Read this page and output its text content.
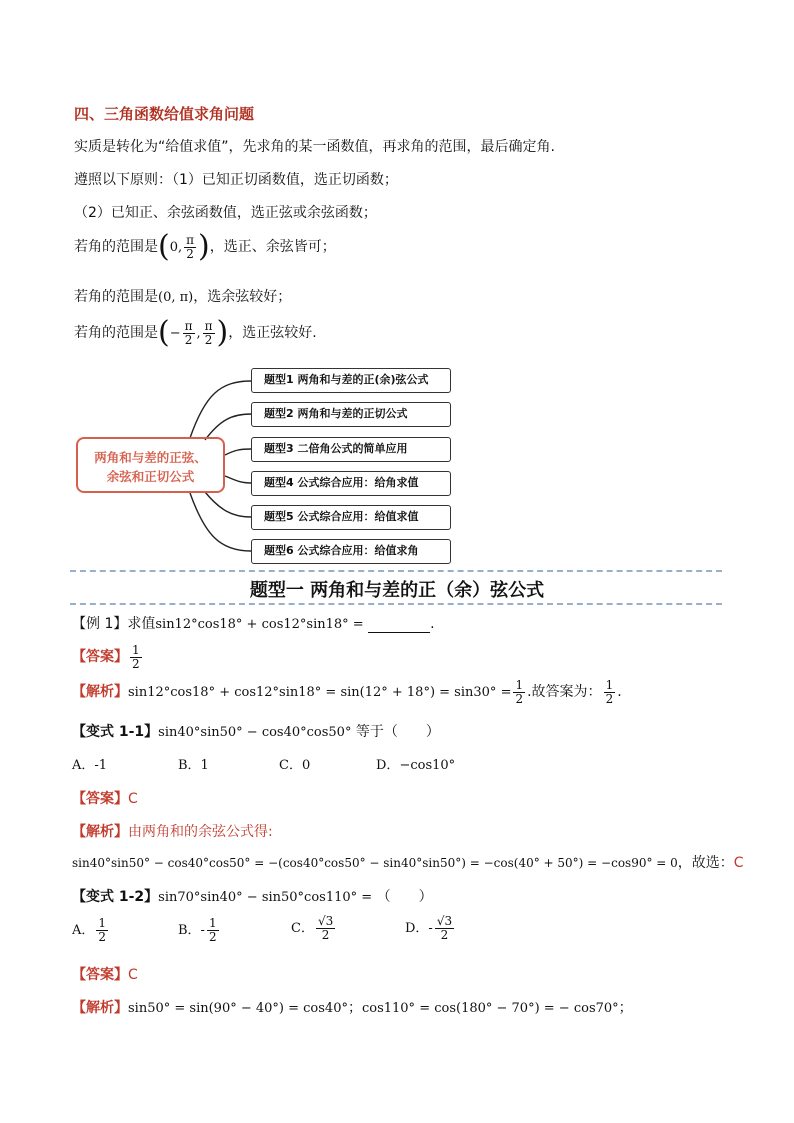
四、三角函数给值求角问题
实质是转化为“给值求值”，先求角的某一函数值，再求角的范围，最后确定角.
遵照以下原则：（1）已知正切函数值，选正切函数；
（2）已知正、余弦函数值，选正弦或余弦函数；
若角的范围是(0, $\frac{\pi}{2}$ )，选正、余弦皆可；
若角的范围是(0, π)，选余弦较好；
若角的范围是(− $\frac{\pi}{2}$ , $\frac{\pi}{2}$ )，选正弦较好.
两角和与差的正弦、
余弦和正切公式
题型1 两角和与差的正(余)弦公式
题型2 两角和与差的正切公式
题型3 二倍角公式的简单应用
题型4 公式综合应用：给角求值
题型5 公式综合应用：给值求值
题型6 公式综合应用：给值求角
题型一 两角和与差的正（余）弦公式
【例 1】求值sin12°cos18° + cos12°sin18° =	.
【答案】 $\frac{1}{2}$
【解析】$\sin 12^\circ\cos 18^\circ + \cos 12^\circ\sin 18^\circ = \sin(12^\circ + 18^\circ) = \sin 30^\circ = \frac{1}{2}$ .故答案为： $\frac{1}{2}$ .
【变式 1-1】sin40°sin50° − cos40°cos50° 等于（　　）
A．-1	B．1	C．0	D．−cos10°
【答案】C
【解析】由两角和的余弦公式得:
sin40°sin50° − cos40°cos50° = −(cos40°cos50° − sin40°sin50°) = −cos(40° + 50°) = −cos90° = 0，故选：C
【变式 1-2】sin70°sin40° − sin50°cos110° = （　　）
A． $\frac{1}{2}$	B．- $\frac{1}{2}$	C． $\frac{√3}{2}$	D．- $\frac{√3}{2}$
【答案】C
【解析】sin50° = sin(90° − 40°) = cos40°；cos110° = cos(180° − 70°) = − cos70°；
